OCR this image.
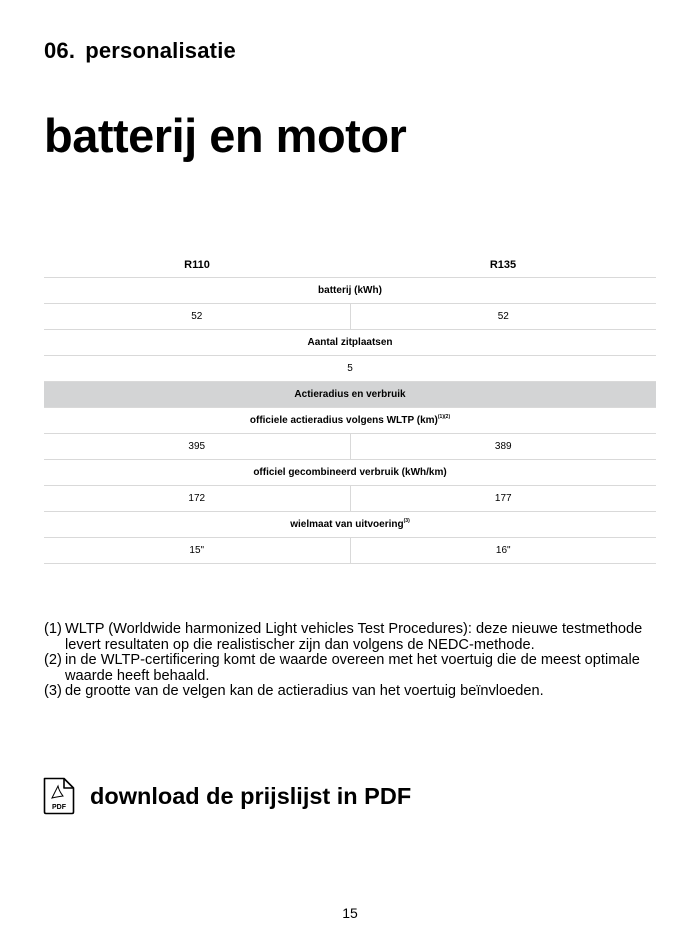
06. personalisatie
batterij en motor
R110	R135
batterij (kWh)	
52	52
Aantal zitplaatsen	
5	
Actieradius en verbruik	
officiele actieradius volgens WLTP (km)$^{(1)(2)}$
395	389
officiel gecombineerd verbruik (kWh/km)	
172	177
wielmaat van uitvoering$^{(3)}$
15"	16"
(1) WLTP (Worldwide harmonized Light vehicles Test Procedures): deze nieuwe testmethode levert resultaten op die realistischer zijn dan volgens de NEDC-methode.
(2) in de WLTP-certificering komt de waarde overeen met het voertuig die de meest optimale waarde heeft behaald.
(3) de grootte van de velgen kan de actieradius van het voertuig beïnvloeden.
PDF download de prijslijst in PDF
15
